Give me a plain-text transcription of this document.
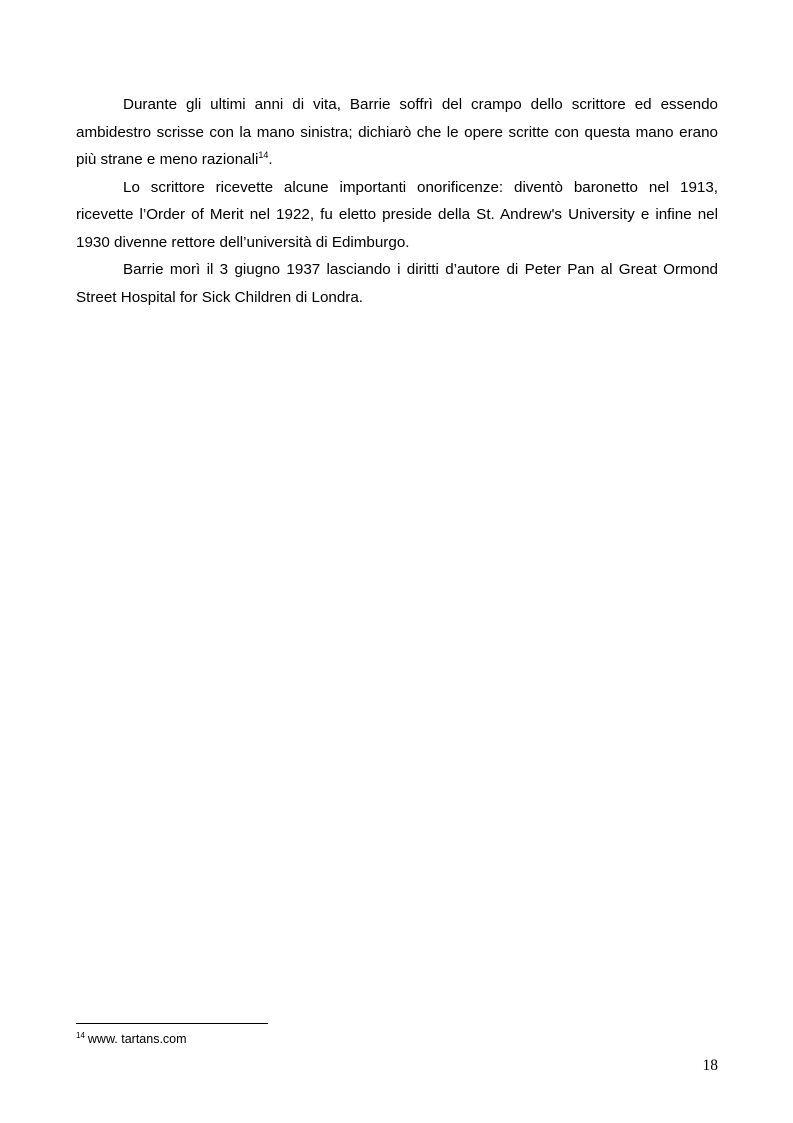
Durante gli ultimi anni di vita, Barrie soffrì del crampo dello scrittore ed essendo ambidestro scrisse con la mano sinistra; dichiarò che le opere scritte con questa mano erano più strane e meno razionali$^{14}$.

Lo scrittore ricevette alcune importanti onorificenze: diventò baronetto nel 1913, ricevette l’Order of Merit nel 1922, fu eletto preside della St. Andrew's University e infine nel 1930 divenne rettore dell’università di Edimburgo.

Barrie morì il 3 giugno 1937 lasciando i diritti d’autore di Peter Pan al Great Ormond Street Hospital for Sick Children di Londra.

$^{14}$ www. tartans.com
18
